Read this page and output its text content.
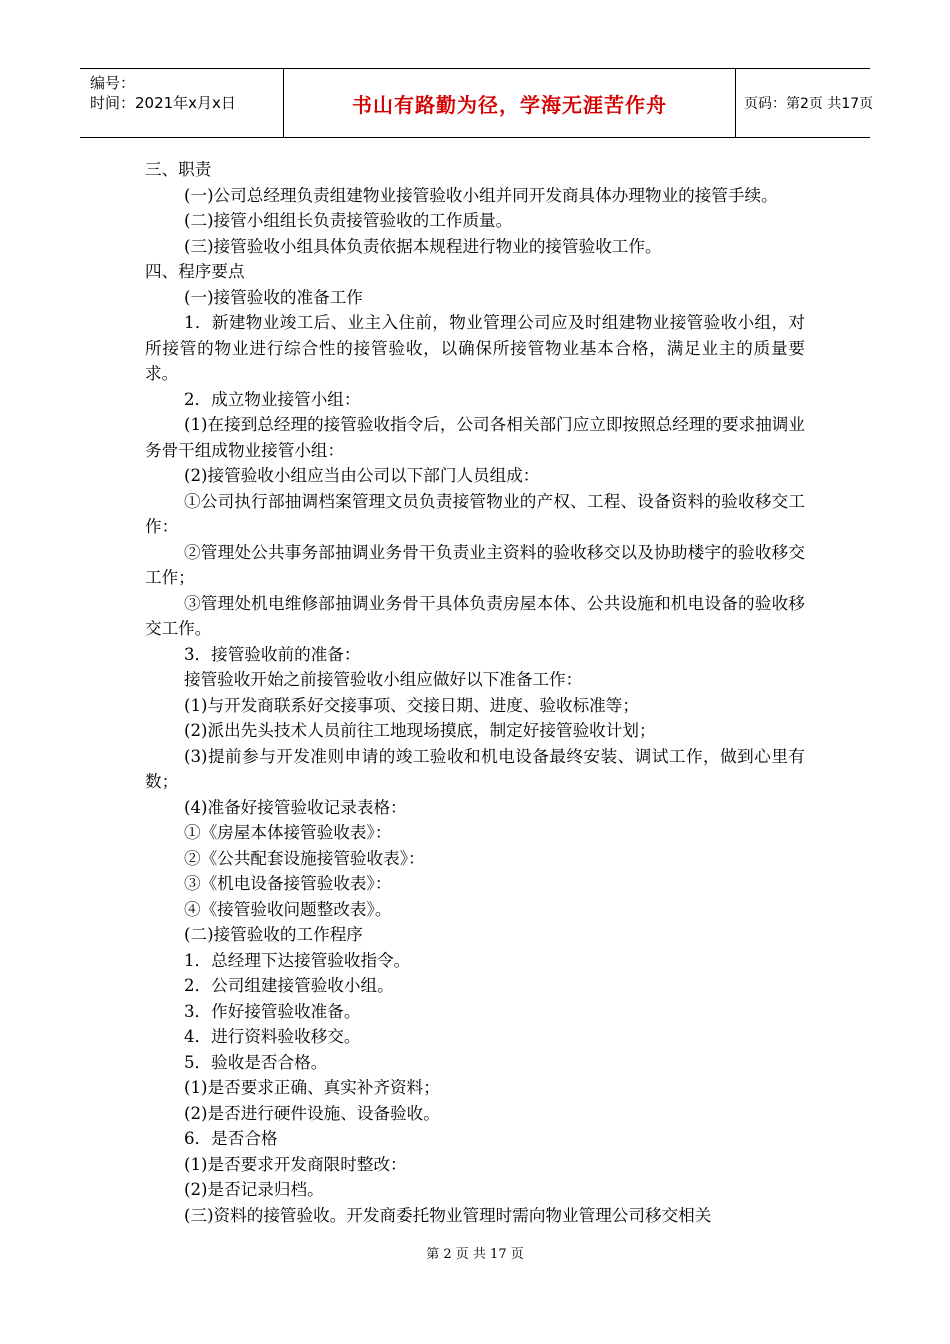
编号：
时间：2021年x月x日	书山有路勤为径，学海无涯苦作舟	页码：第2页 共17页
三、职责
(一)公司总经理负责组建物业接管验收小组并同开发商具体办理物业的接管手续。
(二)接管小组组长负责接管验收的工作质量。
(三)接管验收小组具体负责依据本规程进行物业的接管验收工作。
四、程序要点
(一)接管验收的准备工作
1．新建物业竣工后、业主入住前，物业管理公司应及时组建物业接管验收小组，对所接管的物业进行综合性的接管验收，以确保所接管物业基本合格，满足业主的质量要求。
2．成立物业接管小组：
(1)在接到总经理的接管验收指令后，公司各相关部门应立即按照总经理的要求抽调业务骨干组成物业接管小组：
(2)接管验收小组应当由公司以下部门人员组成：
①公司执行部抽调档案管理文员负责接管物业的产权、工程、设备资料的验收移交工作：
②管理处公共事务部抽调业务骨干负责业主资料的验收移交以及协助楼宇的验收移交工作；
③管理处机电维修部抽调业务骨干具体负责房屋本体、公共设施和机电设备的验收移交工作。
3．接管验收前的准备：
接管验收开始之前接管验收小组应做好以下准备工作：
(1)与开发商联系好交接事项、交接日期、进度、验收标准等；
(2)派出先头技术人员前往工地现场摸底，制定好接管验收计划；
(3)提前参与开发准则申请的竣工验收和机电设备最终安装、调试工作，做到心里有数；
(4)准备好接管验收记录表格：
①《房屋本体接管验收表》：
②《公共配套设施接管验收表》：
③《机电设备接管验收表》：
④《接管验收问题整改表》。
(二)接管验收的工作程序
1．总经理下达接管验收指令。
2．公司组建接管验收小组。
3．作好接管验收准备。
4．进行资料验收移交。
5．验收是否合格。
(1)是否要求正确、真实补齐资料；
(2)是否进行硬件设施、设备验收。
6．是否合格
(1)是否要求开发商限时整改：
(2)是否记录归档。
(三)资料的接管验收。开发商委托物业管理时需向物业管理公司移交相关
第 2 页 共 17 页
